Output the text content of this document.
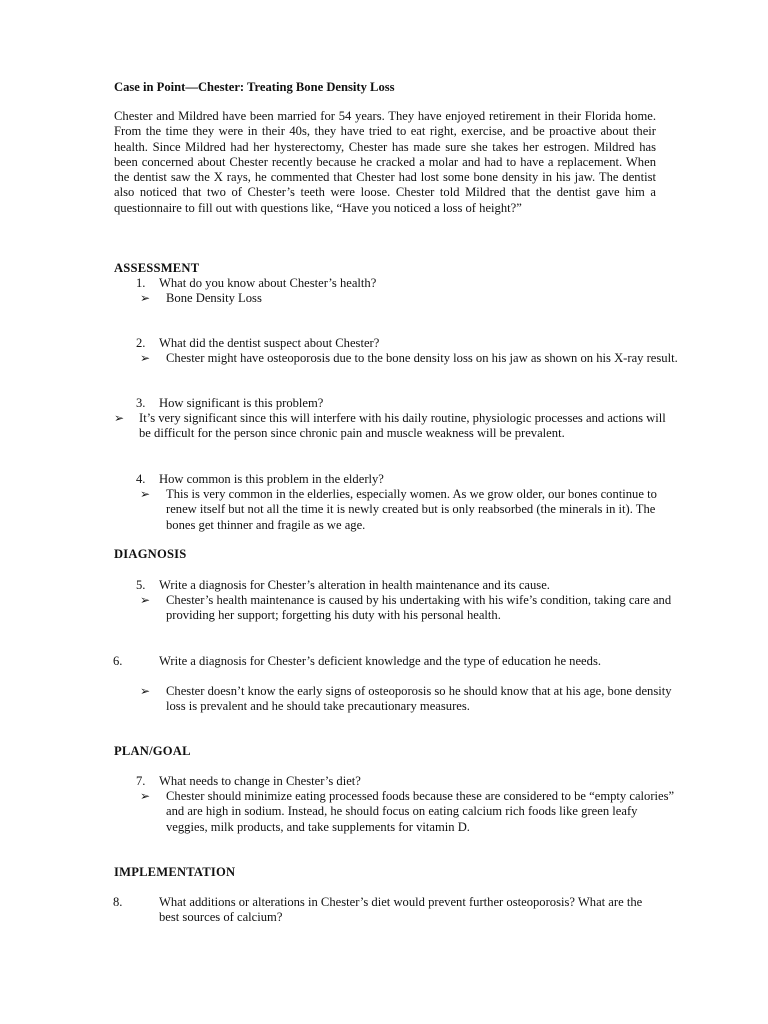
Case in Point—Chester: Treating Bone Density Loss
Chester and Mildred have been married for 54 years. They have enjoyed retirement in their Florida home. From the time they were in their 40s, they have tried to eat right, exercise, and be proactive about their health. Since Mildred had her hysterectomy, Chester has made sure she takes her estrogen. Mildred has been concerned about Chester recently because he cracked a molar and had to have a replacement. When the dentist saw the X rays, he commented that Chester had lost some bone density in his jaw. The dentist also noticed that two of Chester’s teeth were loose. Chester told Mildred that the dentist gave him a questionnaire to fill out with questions like, “Have you noticed a loss of height?”
ASSESSMENT
1. What do you know about Chester’s health?
➢	Bone Density Loss
2. What did the dentist suspect about Chester?
➢	Chester might have osteoporosis due to the bone density loss on his jaw as shown on his X-ray result.
3. How significant is this problem?
➢	It’s very significant since this will interfere with his daily routine, physiologic processes and actions will be difficult for the person since chronic pain and muscle weakness will be prevalent.
4. How common is this problem in the elderly?
➢	This is very common in the elderlies, especially women. As we grow older, our bones continue to renew itself but not all the time it is newly created but is only reabsorbed (the minerals in it). The bones get thinner and fragile as we age.
DIAGNOSIS
5. Write a diagnosis for Chester’s alteration in health maintenance and its cause.
➢	Chester’s health maintenance is caused by his undertaking with his wife’s condition, taking care and providing her support; forgetting his duty with his personal health.
6.	Write a diagnosis for Chester’s deficient knowledge and the type of education he needs.
➢	Chester doesn’t know the early signs of osteoporosis so he should know that at his age, bone density loss is prevalent and he should take precautionary measures.
PLAN/GOAL
7. What needs to change in Chester’s diet?
➢	Chester should minimize eating processed foods because these are considered to be “empty calories” and are high in sodium. Instead, he should focus on eating calcium rich foods like green leafy veggies, milk products, and take supplements for vitamin D.
IMPLEMENTATION
8.	What additions or alterations in Chester’s diet would prevent further osteoporosis? What are the best sources of calcium?
